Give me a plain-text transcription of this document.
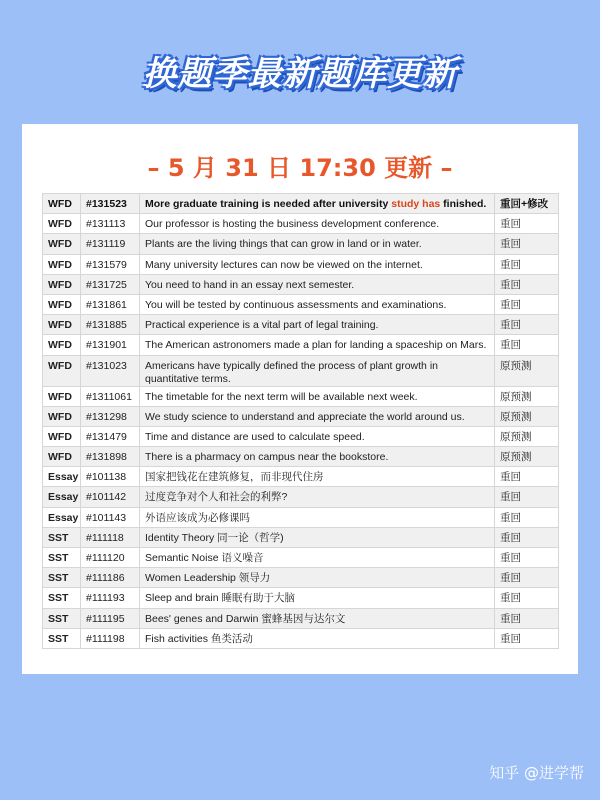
换题季最新题库更新
– 5 月 31 日 17:30 更新 –
WFD	#131523	More graduate training is needed after university study has finished.	重回+修改
WFD	#131113	Our professor is hosting the business development conference.	重回
WFD	#131119	Plants are the living things that can grow in land or in water.	重回
WFD	#131579	Many university lectures can now be viewed on the internet.	重回
WFD	#131725	You need to hand in an essay next semester.	重回
WFD	#131861	You will be tested by continuous assessments and examinations.	重回
WFD	#131885	Practical experience is a vital part of legal training.	重回
WFD	#131901	The American astronomers made a plan for landing a spaceship on Mars.	重回
WFD	#131023	Americans have typically defined the process of plant growth in quantitative terms.	原预测
WFD	#1311061	The timetable for the next term will be available next week.	原预测
WFD	#131298	We study science to understand and appreciate the world around us.	原预测
WFD	#131479	Time and distance are used to calculate speed.	原预测
WFD	#131898	There is a pharmacy on campus near the bookstore.	原预测
Essay	#101138	国家把钱花在建筑修复，而非现代住房	重回
Essay	#101142	过度竞争对个人和社会的利弊?	重回
Essay	#101143	外语应该成为必修课吗	重回
SST	#111118	Identity Theory 同一论（哲学)	重回
SST	#111120	Semantic Noise 语义噪音	重回
SST	#111186	Women Leadership 领导力	重回
SST	#111193	Sleep and brain 睡眠有助于大脑	重回
SST	#111195	Bees' genes and Darwin 蜜蜂基因与达尔文	重回
SST	#111198	Fish activities 鱼类活动	重回
知乎 @进学帮
